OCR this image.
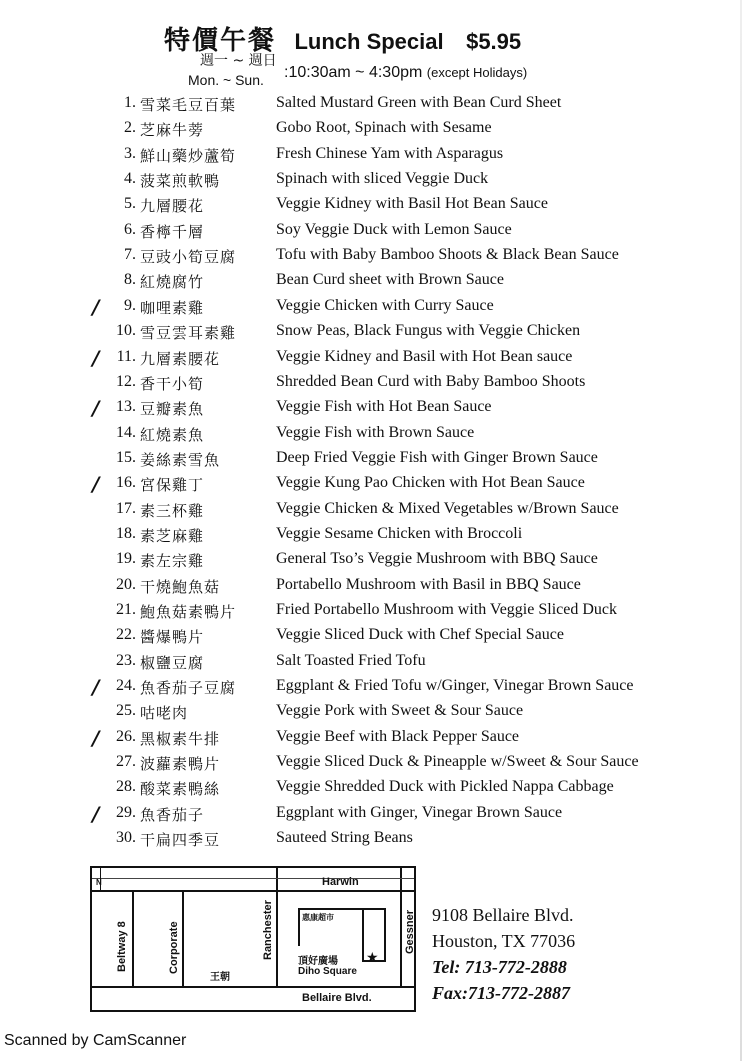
特價午餐 Lunch Special $5.95
週一 ~ 週日
Mon. ~ Sun. :10:30am ~ 4:30pm (except Holidays)
1. 雪菜毛豆百葉 Salted Mustard Green with Bean Curd Sheet
2. 芝麻牛蒡	Gobo Root, Spinach with Sesame
3. 鮮山藥炒蘆筍 Fresh Chinese Yam with Asparagus
4. 菠菜煎軟鴨	Spinach with sliced Veggie Duck
5. 九層腰花	Veggie Kidney with Basil Hot Bean Sauce
6. 香檸千層	Soy Veggie Duck with Lemon Sauce
7. 豆豉小筍豆腐 Tofu with Baby Bamboo Shoots & Black Bean Sauce
8. 紅燒腐竹	Bean Curd sheet with Brown Sauce
/ 9. 咖哩素雞	Veggie Chicken with Curry Sauce
10. 雪豆雲耳素雞 Snow Peas, Black Fungus with Veggie Chicken
/ 11. 九層素腰花	Veggie Kidney and Basil with Hot Bean sauce
12. 香干小筍	Shredded Bean Curd with Baby Bamboo Shoots
/ 13. 豆瓣素魚	Veggie Fish with Hot Bean Sauce
14. 紅燒素魚	Veggie Fish with Brown Sauce
15. 姜絲素雪魚	Deep Fried Veggie Fish with Ginger Brown Sauce
/ 16. 宮保雞丁	Veggie Kung Pao Chicken with Hot Bean Sauce
17. 素三杯雞	Veggie Chicken & Mixed Vegetables w/Brown Sauce
18. 素芝麻雞	Veggie Sesame Chicken with Broccoli
19. 素左宗雞	General Tso’s Veggie Mushroom with BBQ Sauce
20. 干燒鮑魚菇	Portabello Mushroom with Basil in BBQ Sauce
21. 鮑魚菇素鴨片 Fried Portabello Mushroom with Veggie Sliced Duck
22. 醬爆鴨片	Veggie Sliced Duck with Chef Special Sauce
23. 椒鹽豆腐	Salt Toasted Fried Tofu
/ 24. 魚香茄子豆腐 Eggplant & Fried Tofu w/Ginger, Vinegar Brown Sauce
25. 咕咾肉	Veggie Pork with Sweet & Sour Sauce
/ 26. 黑椒素牛排	Veggie Beef with Black Pepper Sauce
27. 波蘿素鴨片	Veggie Sliced Duck & Pineapple w/Sweet & Sour Sauce
28. 酸菜素鴨絲	Veggie Shredded Duck with Pickled Nappa Cabbage
/ 29. 魚香茄子	Eggplant with Ginger, Vinegar Brown Sauce
30. 干扁四季豆	Sauteed String Beans
N	Harwin
Bellaire Blvd.
Beltway 8	Corporate	Ranchester	Gessner
王朝
惠康超市
頂好廣場
Diho Square
★
9108 Bellaire Blvd.
Houston, TX 77036
Tel: 713-772-2888
Fax:713-772-2887
Scanned by CamScanner
